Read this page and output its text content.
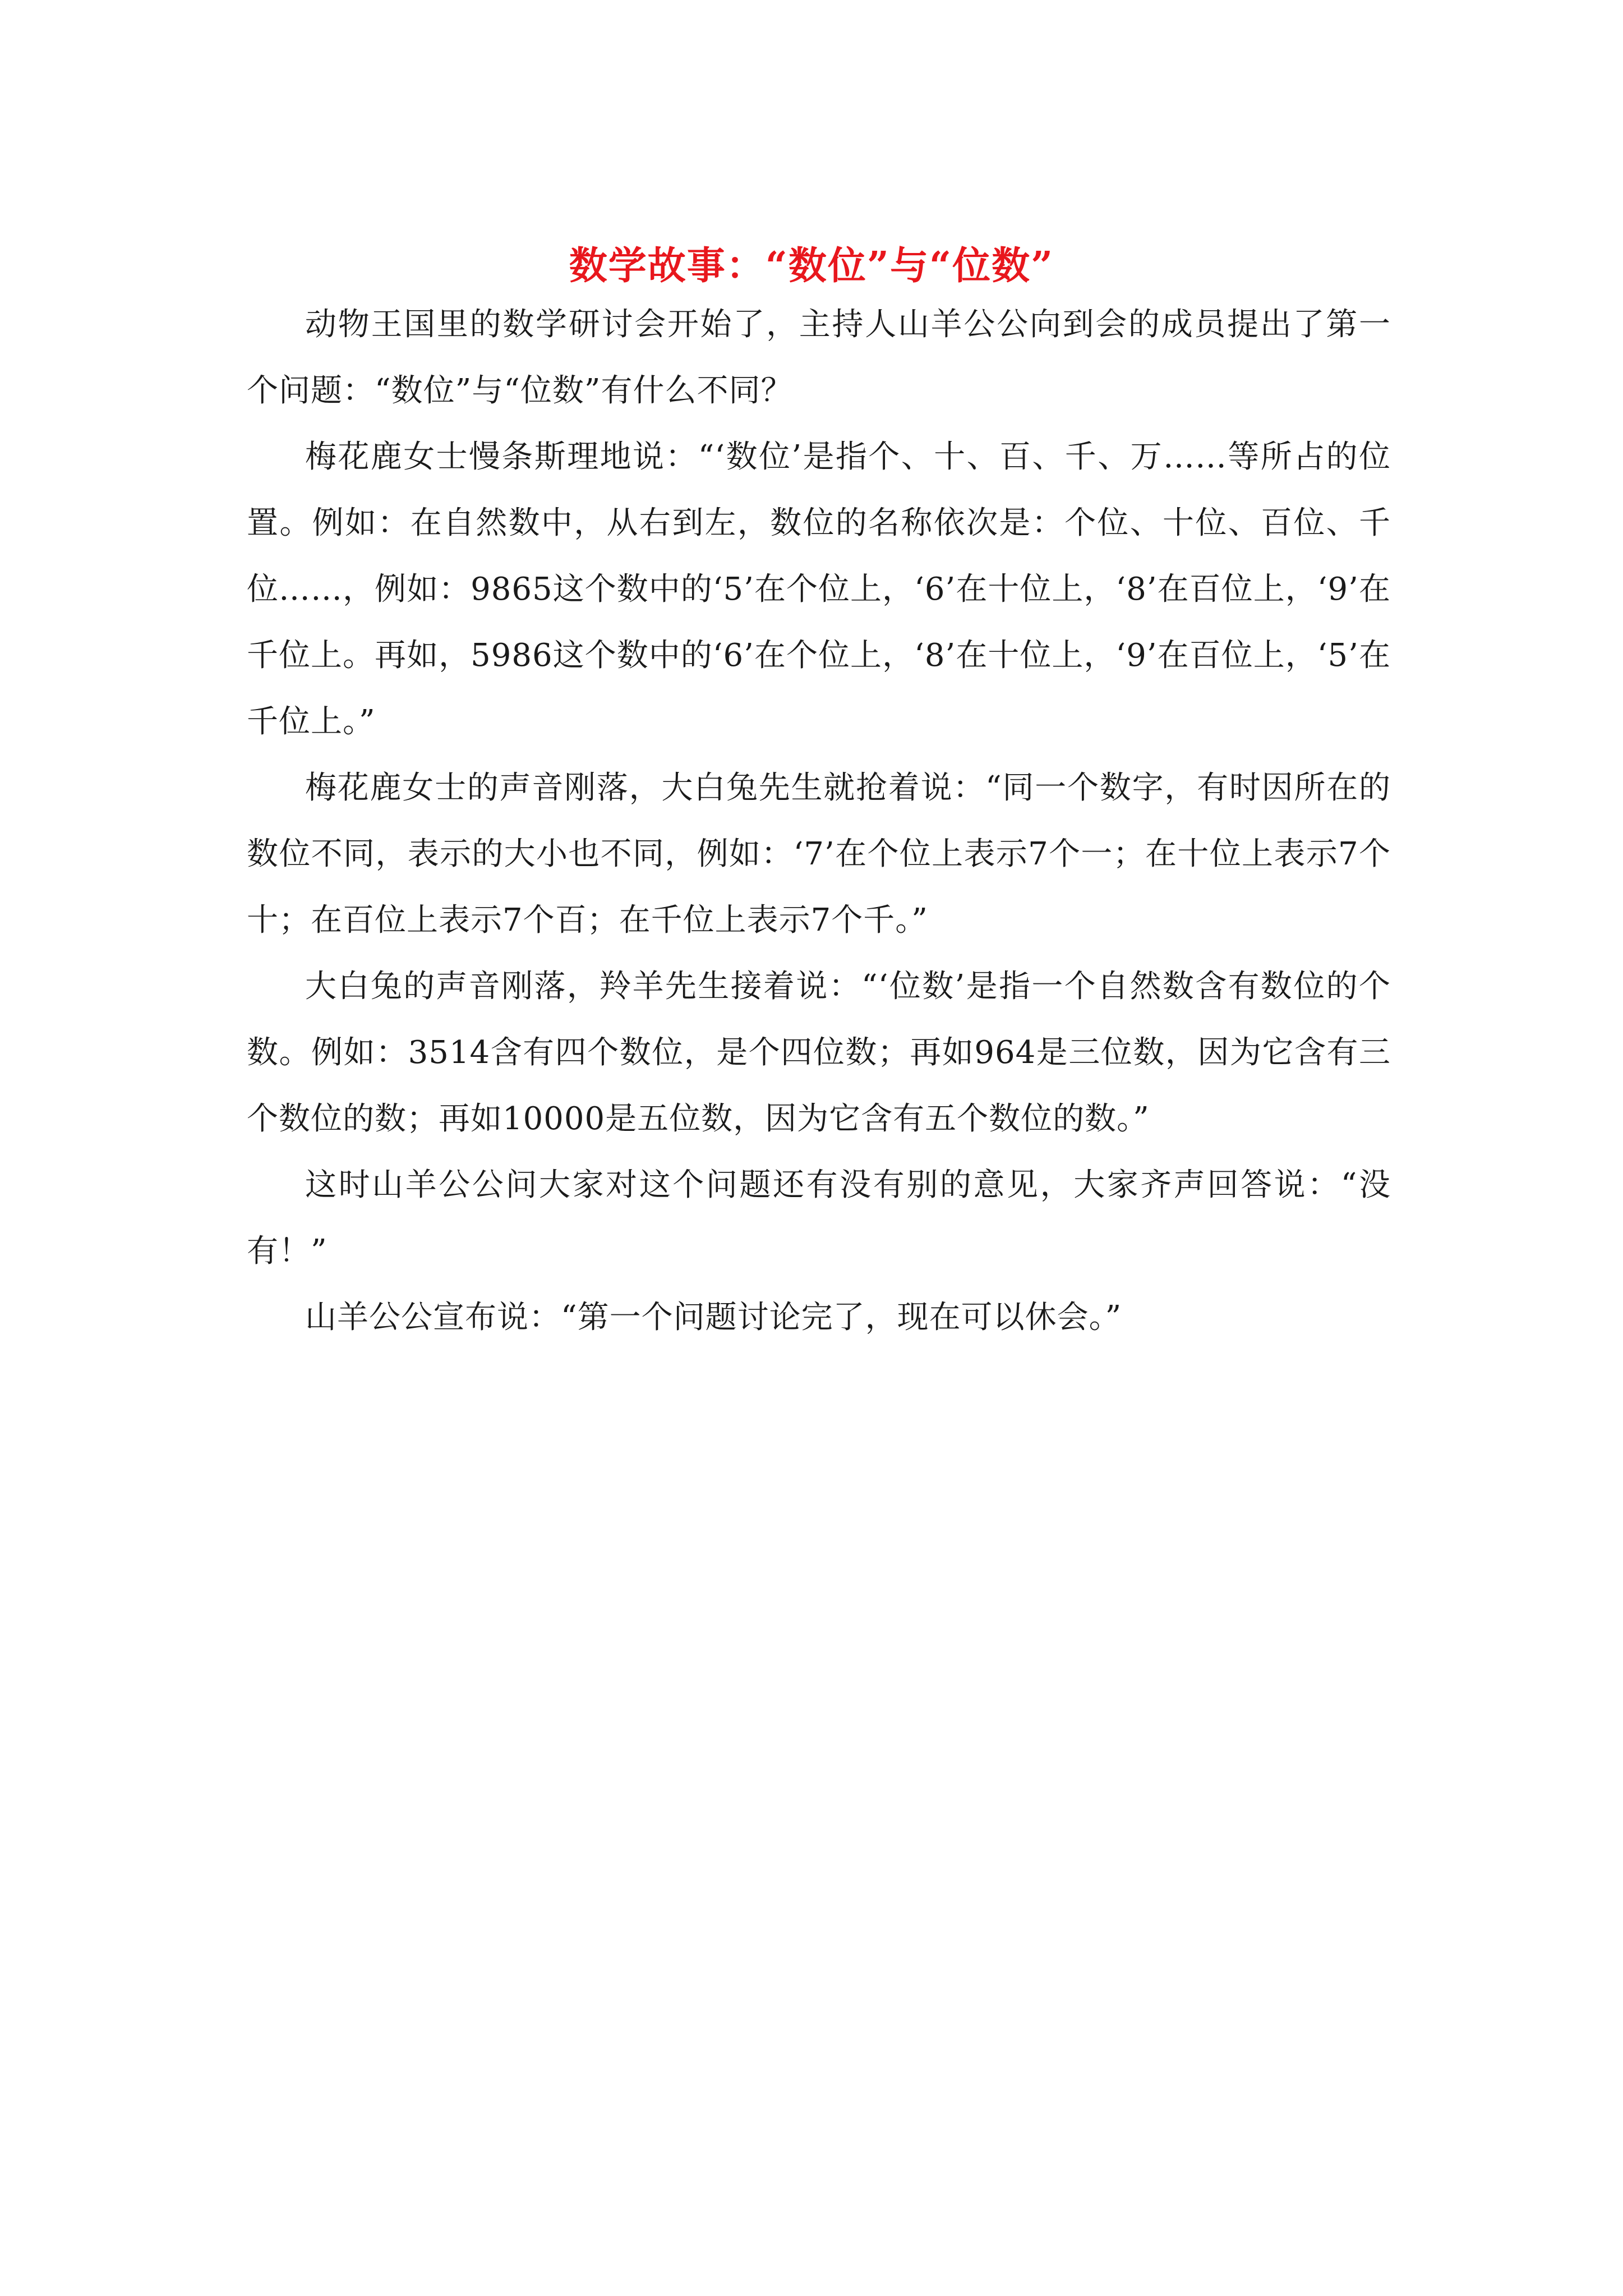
数学故事：“数位”与“位数”

动物王国里的数学研讨会开始了，主持人山羊公公向到会的成员提出了第一个问题：“数位”与“位数”有什么不同？

梅花鹿女士慢条斯理地说：“‘数位’是指个、十、百、千、万……等所占的位置。例如：在自然数中，从右到左，数位的名称依次是：个位、十位、百位、千位……，例如：9865这个数中的‘5’在个位上，‘6’在十位上，‘8’在百位上，‘9’在千位上。再如，5986这个数中的‘6’在个位上，‘8’在十位上，‘9’在百位上，‘5’在千位上。”

梅花鹿女士的声音刚落，大白兔先生就抢着说：“同一个数字，有时因所在的数位不同，表示的大小也不同，例如：‘7’在个位上表示7个一；在十位上表示7个十；在百位上表示7个百；在千位上表示7个千。”

大白兔的声音刚落，羚羊先生接着说：“‘位数’是指一个自然数含有数位的个数。例如：3514含有四个数位，是个四位数；再如964是三位数，因为它含有三个数位的数；再如10000是五位数，因为它含有五个数位的数。”

这时山羊公公问大家对这个问题还有没有别的意见，大家齐声回答说：“没有！”

山羊公公宣布说：“第一个问题讨论完了，现在可以休会。”
